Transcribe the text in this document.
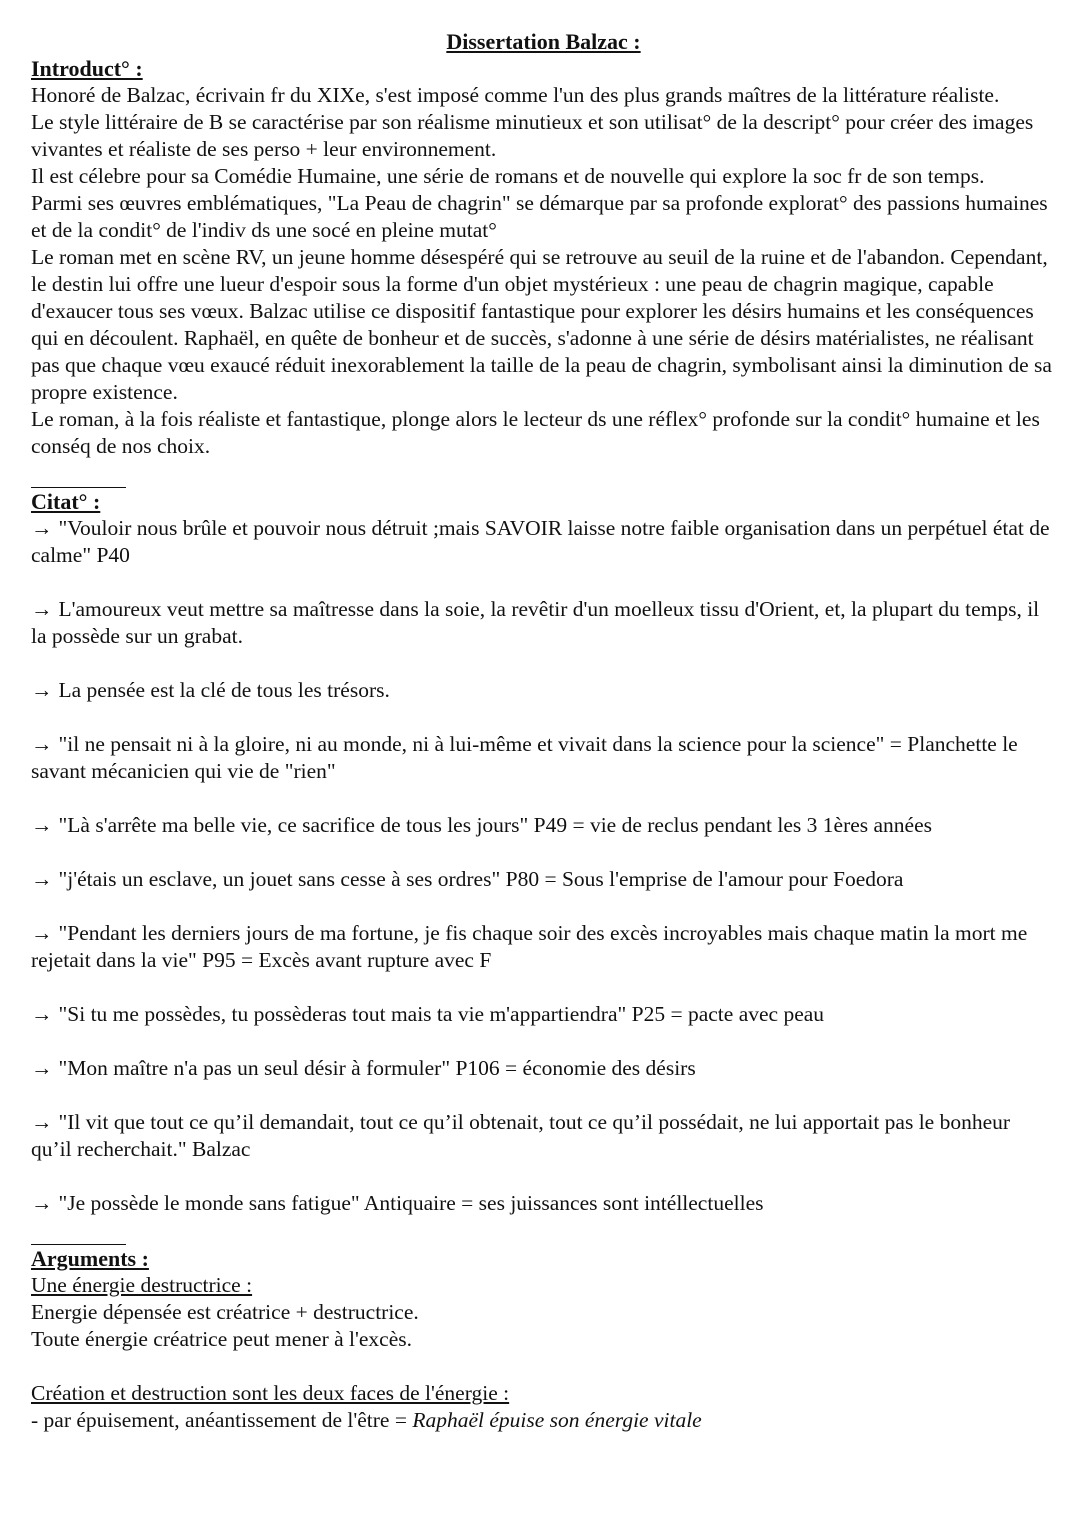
Dissertation Balzac :
Introduct° :

Honoré de Balzac, écrivain fr du XIXe, s'est imposé comme l'un des plus grands maîtres de la littérature réaliste.

Le style littéraire de B se caractérise par son réalisme minutieux et son utilisat° de la descript° pour créer des images vivantes et réaliste de ses perso + leur environnement.

Il est célebre pour sa Comédie Humaine, une série de romans et de nouvelle qui explore la soc fr de son temps.

Parmi ses œuvres emblématiques, "La Peau de chagrin" se démarque par sa profonde explorat° des passions humaines et de la condit° de l'indiv ds une socé en pleine mutat°

Le roman met en scène RV, un jeune homme désespéré qui se retrouve au seuil de la ruine et de l'abandon. Cependant, le destin lui offre une lueur d'espoir sous la forme d'un objet mystérieux : une peau de chagrin magique, capable d'exaucer tous ses vœux. Balzac utilise ce dispositif fantastique pour explorer les désirs humains et les conséquences qui en découlent. Raphaël, en quête de bonheur et de succès, s'adonne à une série de désirs matérialistes, ne réalisant pas que chaque vœu exaucé réduit inexorablement la taille de la peau de chagrin, symbolisant ainsi la diminution de sa propre existence.

Le roman, à la fois réaliste et fantastique, plonge alors le lecteur ds une réflex° profonde sur la condit° humaine et les conséq de nos choix.

Citat° :

→ "Vouloir nous brûle et pouvoir nous détruit ;mais SAVOIR laisse notre faible organisation dans un perpétuel état de calme" P40

→ L'amoureux veut mettre sa maîtresse dans la soie, la revêtir d'un moelleux tissu d'Orient, et, la plupart du temps, il la possède sur un grabat.

→ La pensée est la clé de tous les trésors.

→ "il ne pensait ni à la gloire, ni au monde, ni à lui-même et vivait dans la science pour la science" = Planchette le savant mécanicien qui vie de "rien"

→ "Là s'arrête ma belle vie, ce sacrifice de tous les jours" P49 = vie de reclus pendant les 3 1ères années

→ "j'étais un esclave, un jouet sans cesse à ses ordres" P80 = Sous l'emprise de l'amour pour Foedora

→ "Pendant les derniers jours de ma fortune, je fis chaque soir des excès incroyables mais chaque matin la mort me rejetait dans la vie" P95 = Excès avant rupture avec F

→ "Si tu me possèdes, tu possèderas tout mais ta vie m'appartiendra" P25 = pacte avec peau

→ "Mon maître n'a pas un seul désir à formuler" P106 = économie des désirs

→ "Il vit que tout ce qu’il demandait, tout ce qu’il obtenait, tout ce qu’il possédait, ne lui apportait pas le bonheur qu’il recherchait." Balzac

→ "Je possède le monde sans fatigue" Antiquaire = ses juissances sont intéllectuelles

Arguments :

Une énergie destructrice :

Energie dépensée est créatrice + destructrice.

Toute énergie créatrice peut mener à l'excès.

Création et destruction sont les deux faces de l'énergie :

- par épuisement, anéantissement de l'être = Raphaël épuise son énergie vitale
